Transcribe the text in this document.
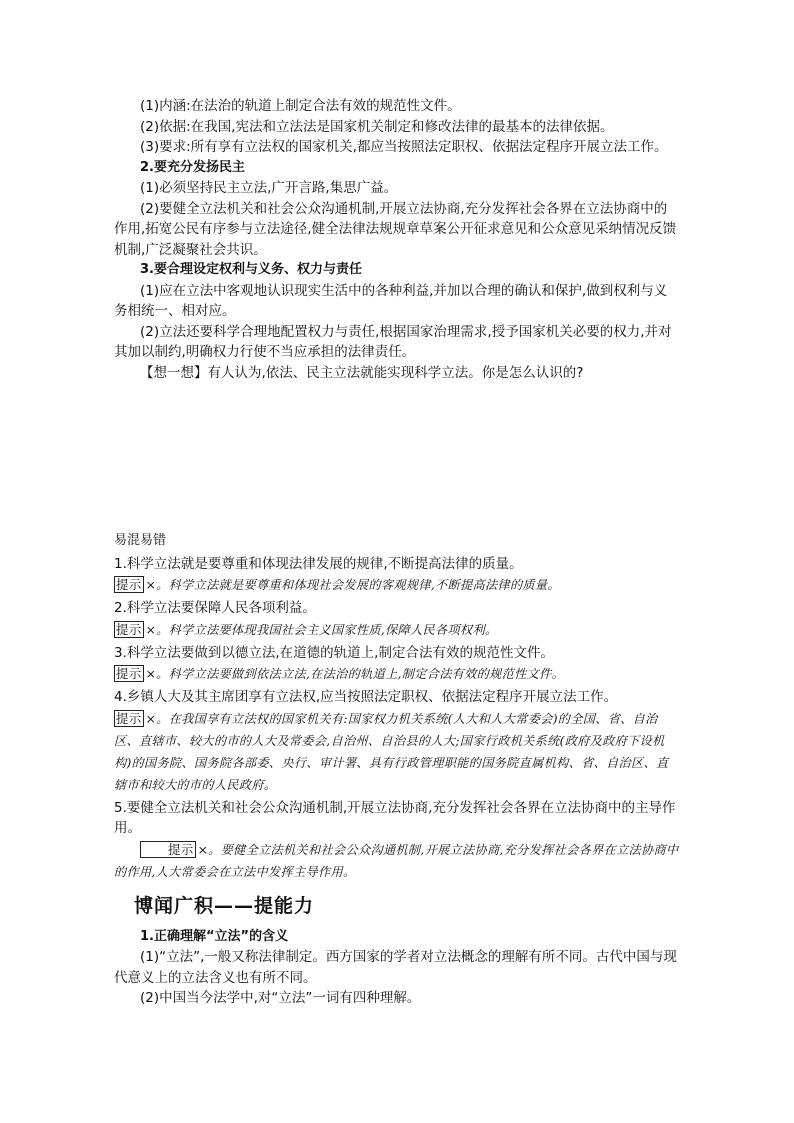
(1)内涵:在法治的轨道上制定合法有效的规范性文件。

(2)依据:在我国,宪法和立法法是国家机关制定和修改法律的最基本的法律依据。

(3)要求:所有享有立法权的国家机关,都应当按照法定职权、依据法定程序开展立法工作。

2.要充分发扬民主

(1)必须坚持民主立法,广开言路,集思广益。

(2)要健全立法机关和社会公众沟通机制,开展立法协商,充分发挥社会各界在立法协商中的作用,拓宽公民有序参与立法途径,健全法律法规规章草案公开征求意见和公众意见采纳情况反馈机制,广泛凝聚社会共识。

3.要合理设定权利与义务、权力与责任

(1)应在立法中客观地认识现实生活中的各种利益,并加以合理的确认和保护,做到权利与义务相统一、相对应。

(2)立法还要科学合理地配置权力与责任,根据国家治理需求,授予国家机关必要的权力,并对其加以制约,明确权力行使不当应承担的法律责任。

【想一想】有人认为,依法、民主立法就能实现科学立法。你是怎么认识的?

易混易错

1.科学立法就是要尊重和体现法律发展的规律,不断提高法律的质量。

提示 ×。科学立法就是要尊重和体现社会发展的客观规律,不断提高法律的质量。

2.科学立法要保障人民各项利益。

提示 ×。科学立法要体现我国社会主义国家性质,保障人民各项权利。

3.科学立法要做到以德立法,在道德的轨道上,制定合法有效的规范性文件。

提示 ×。科学立法要做到依法立法,在法治的轨道上,制定合法有效的规范性文件。

4.乡镇人大及其主席团享有立法权,应当按照法定职权、依据法定程序开展立法工作。

提示 ×。在我国享有立法权的国家机关有:国家权力机关系统(人大和人大常委会)的全国、省、自治区、直辖市、较大的市的人大及常委会,自治州、自治县的人大;国家行政机关系统(政府及政府下设机构)的国务院、国务院各部委、央行、审计署、具有行政管理职能的国务院直属机构、省、自治区、直辖市和较大的市的人民政府。

5.要健全立法机关和社会公众沟通机制,开展立法协商,充分发挥社会各界在立法协商中的主导作用。

提示 ×。要健全立法机关和社会公众沟通机制,开展立法协商,充分发挥社会各界在立法协商中的作用,人大常委会在立法中发挥主导作用。

博闻广积——提能力

1.正确理解“立法”的含义

(1)“立法”,一般又称法律制定。西方国家的学者对立法概念的理解有所不同。古代中国与现代意义上的立法含义也有所不同。

(2)中国当今法学中,对“立法”一词有四种理解。
